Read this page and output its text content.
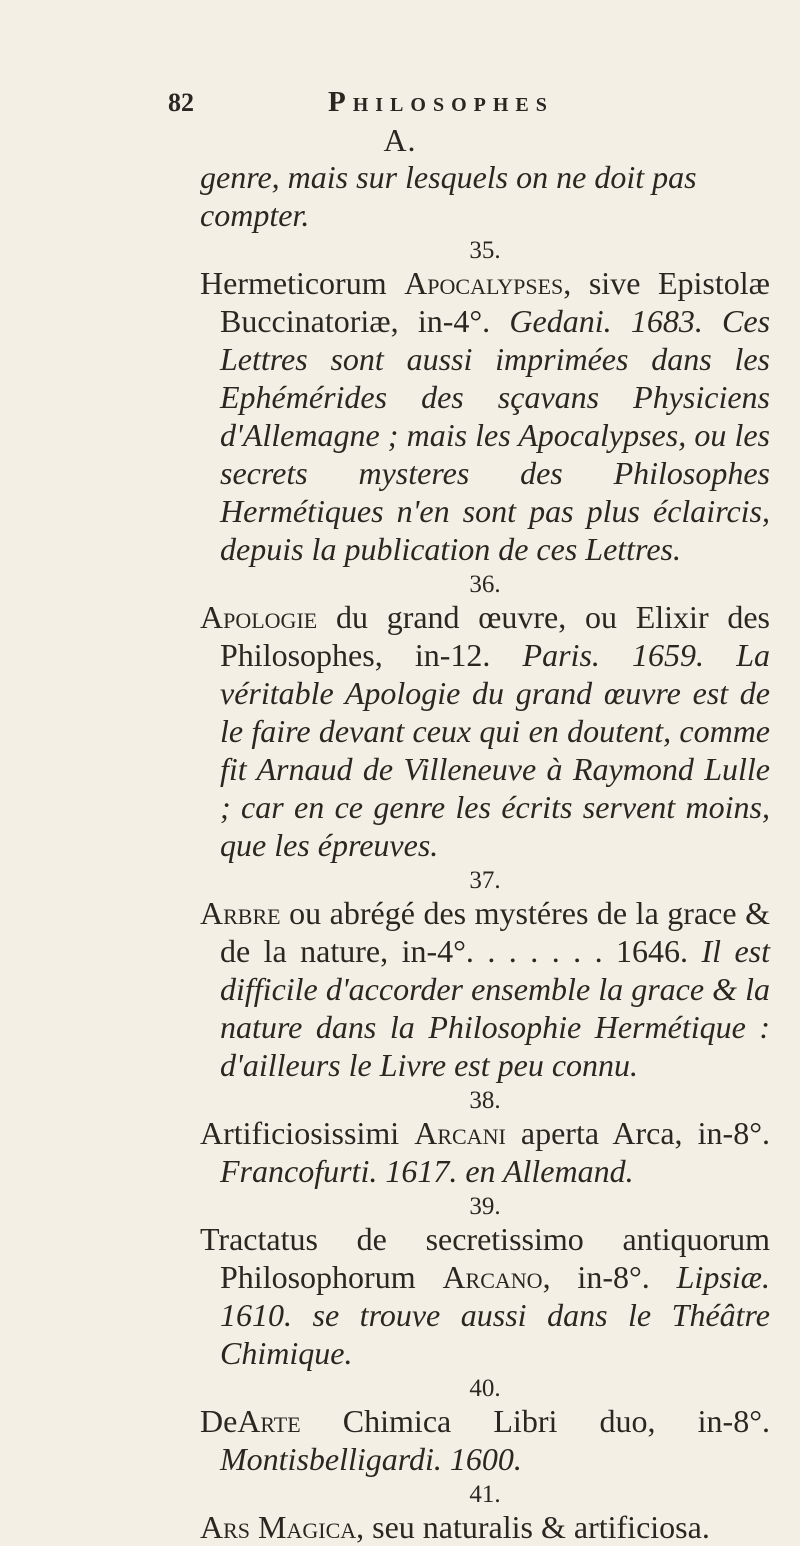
82	Philosophes
A.

genre, mais sur lesquels on ne doit pas compter.

35.

Hermeticorum Apocalypses, sive Epistolæ Buccinatoriæ, in-4°. Gedani. 1683. Ces Lettres sont aussi imprimées dans les Ephémérides des sçavans Physiciens d'Allemagne ; mais les Apocalypses, ou les secrets mysteres des Philosophes Hermétiques n'en sont pas plus éclaircis, depuis la publication de ces Lettres.

36.

Apologie du grand œuvre, ou Elixir des Philosophes, in-12. Paris. 1659. La véritable Apologie du grand œuvre est de le faire devant ceux qui en doutent, comme fit Arnaud de Villeneuve à Raymond Lulle ; car en ce genre les écrits servent moins, que les épreuves.

37.

Arbre ou abrégé des mystéres de la grace & de la nature, in-4°. . . . . . . 1646. Il est difficile d'accorder ensemble la grace & la nature dans la Philosophie Hermétique : d'ailleurs le Livre est peu connu.

38.

Artificiosissimi Arcani aperta Arca, in-8°. Francofurti. 1617. en Allemand.

39.

Tractatus de secretissimo antiquorum Philosophorum Arcano, in-8°. Lipsiæ. 1610. se trouve aussi dans le Théâtre Chimique.

40.

DeArte Chimica Libri duo, in-8°. Montisbelligardi. 1600.

41.

Ars Magica, seu naturalis & artificiosa.
